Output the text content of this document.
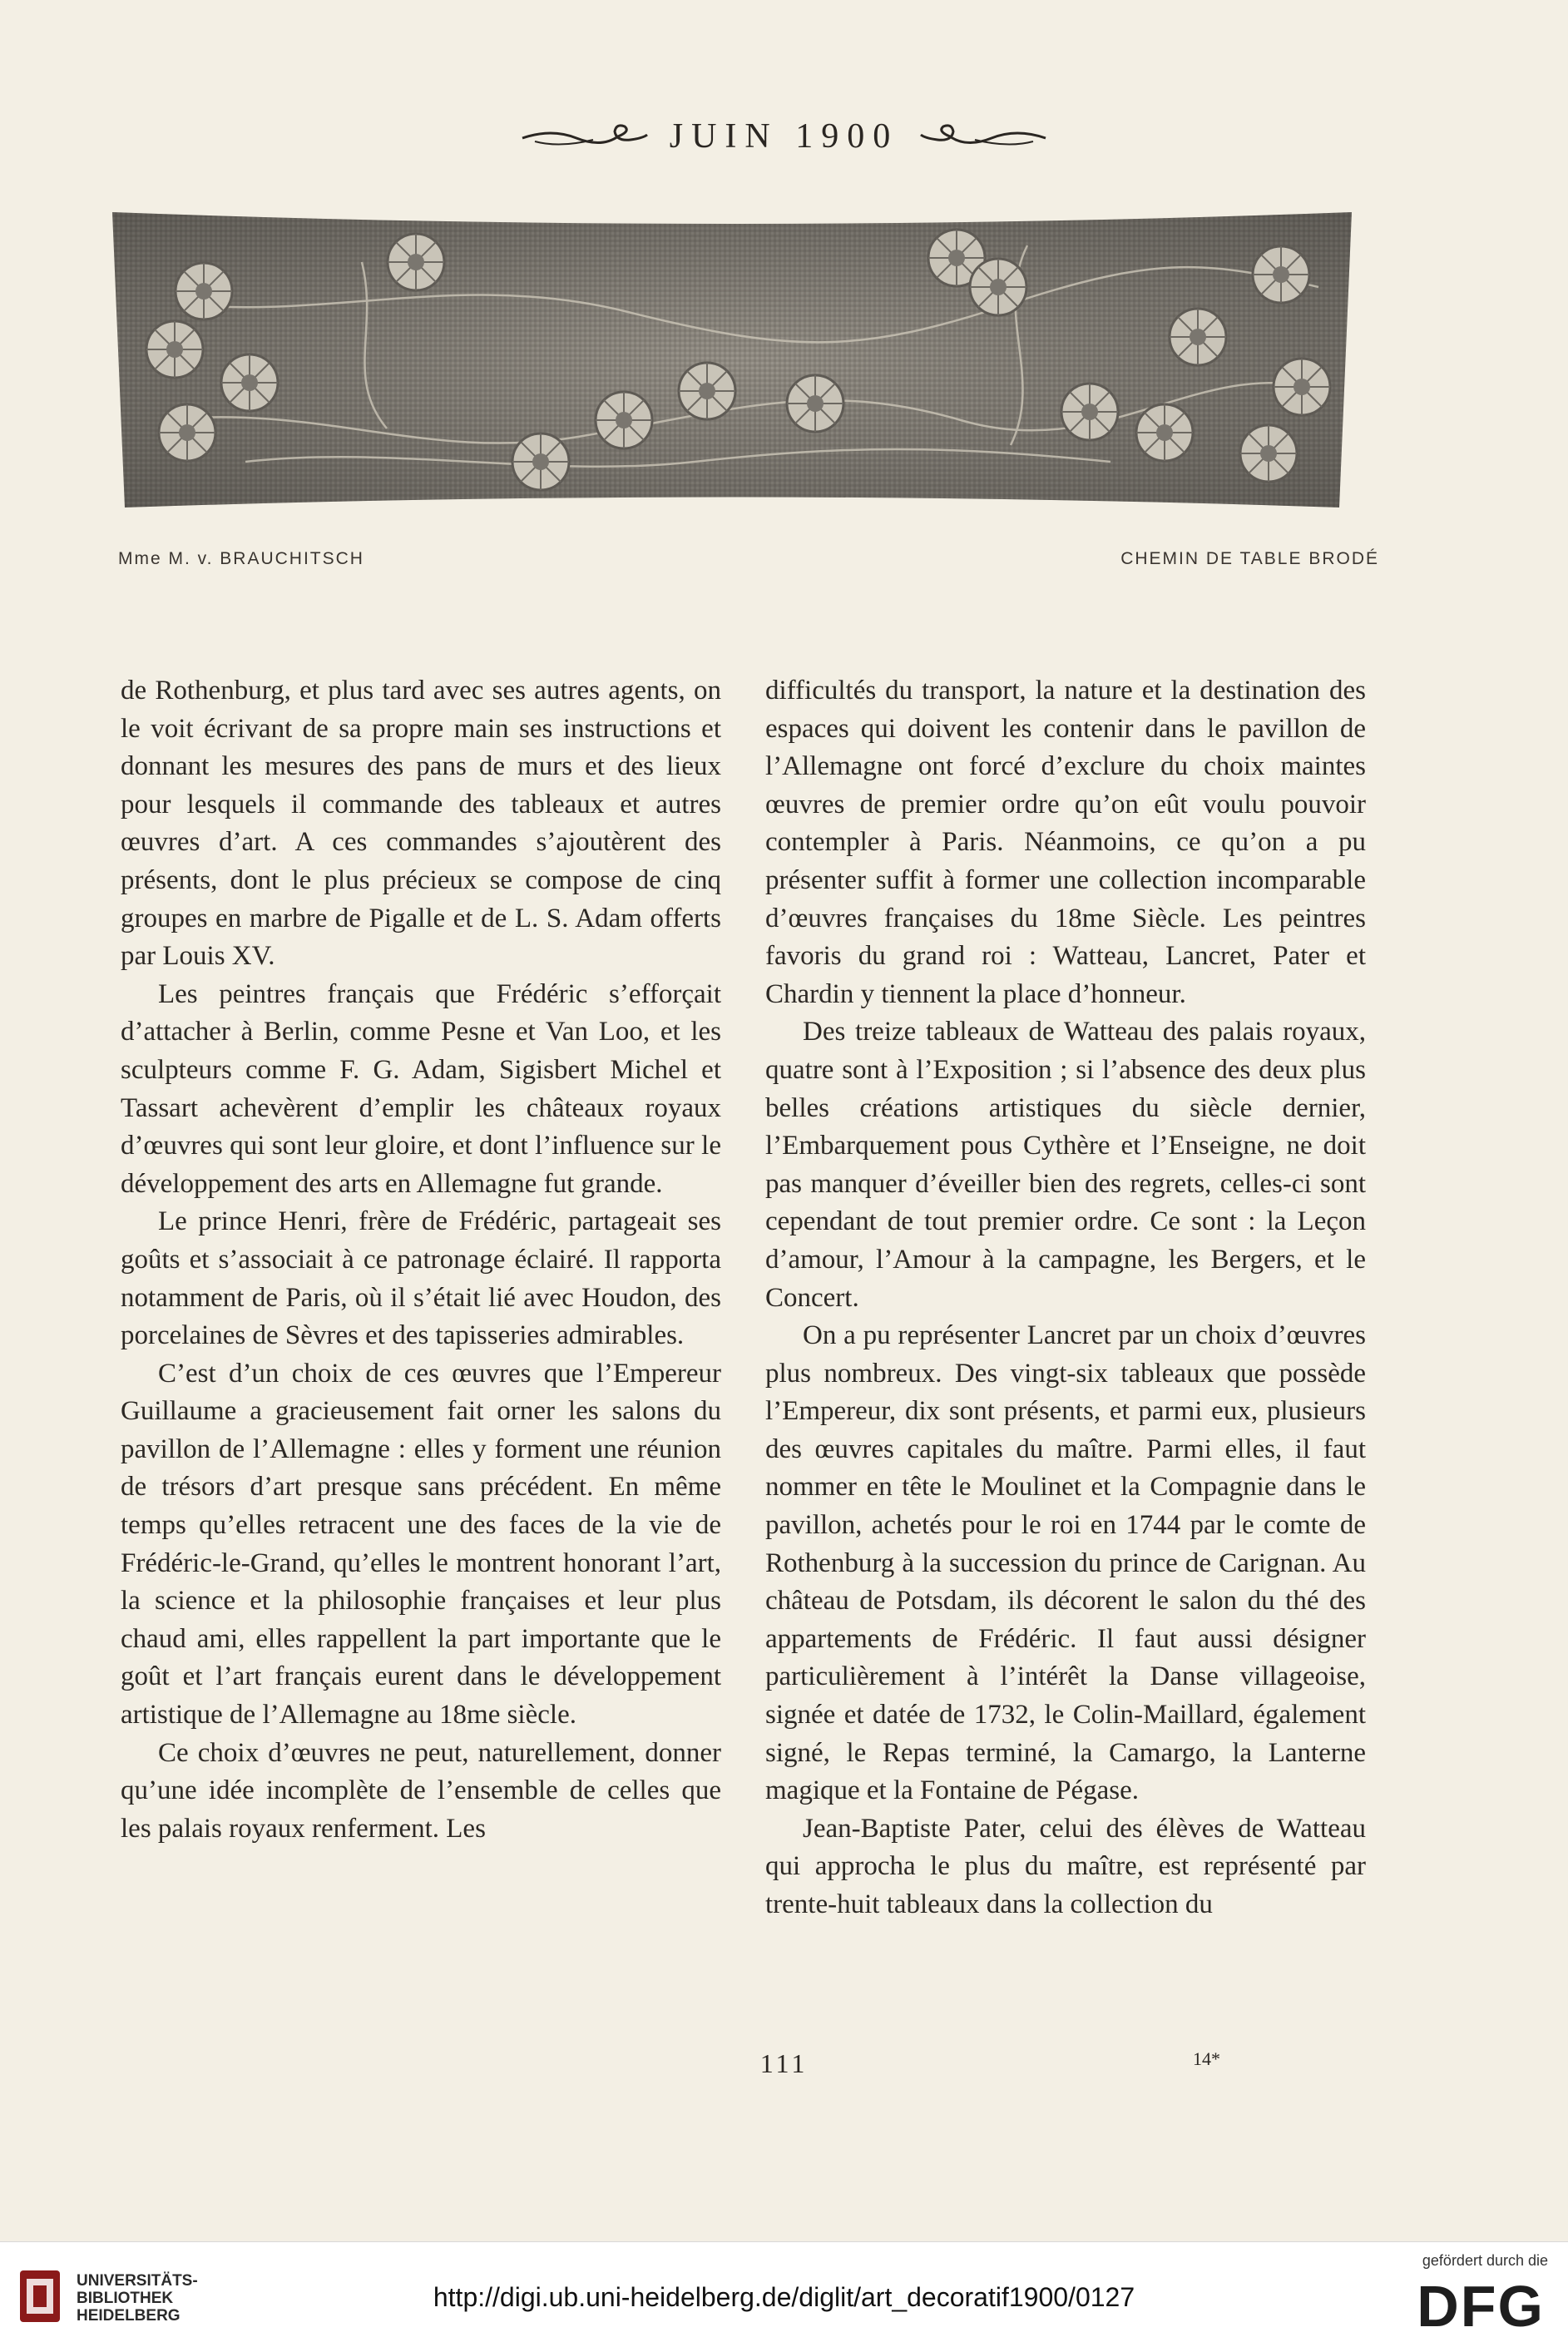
JUIN 1900
Mme M. v. BRAUCHITSCH	CHEMIN DE TABLE BRODÉ

de Rothenburg, et plus tard avec ses autres agents, on le voit écrivant de sa propre main ses instructions et donnant les mesures des pans de murs et des lieux pour lesquels il commande des tableaux et autres œuvres d’art. A ces commandes s’ajoutèrent des présents, dont le plus précieux se compose de cinq groupes en marbre de Pigalle et de L. S. Adam offerts par Louis XV.

Les peintres français que Frédéric s’efforçait d’attacher à Berlin, comme Pesne et Van Loo, et les sculpteurs comme F. G. Adam, Sigisbert Michel et Tassart achevèrent d’emplir les châteaux royaux d’œuvres qui sont leur gloire, et dont l’influence sur le développement des arts en Allemagne fut grande.

Le prince Henri, frère de Frédéric, partageait ses goûts et s’associait à ce patronage éclairé. Il rapporta notamment de Paris, où il s’était lié avec Houdon, des porcelaines de Sèvres et des tapisseries admirables.

C’est d’un choix de ces œuvres que l’Empereur Guillaume a gracieusement fait orner les salons du pavillon de l’Allemagne : elles y forment une réunion de trésors d’art presque sans précédent. En même temps qu’elles retracent une des faces de la vie de Frédéric-le-Grand, qu’elles le montrent honorant l’art, la science et la philosophie françaises et leur plus chaud ami, elles rappellent la part importante que le goût et l’art français eurent dans le développement artistique de l’Allemagne au 18me siècle.

Ce choix d’œuvres ne peut, naturellement, donner qu’une idée incomplète de l’ensemble de celles que les palais royaux renferment. Les

difficultés du transport, la nature et la destination des espaces qui doivent les contenir dans le pavillon de l’Allemagne ont forcé d’exclure du choix maintes œuvres de premier ordre qu’on eût voulu pouvoir contempler à Paris. Néanmoins, ce qu’on a pu présenter suffit à former une collection incomparable d’œuvres françaises du 18me Siècle. Les peintres favoris du grand roi : Watteau, Lancret, Pater et Chardin y tiennent la place d’honneur.

Des treize tableaux de Watteau des palais royaux, quatre sont à l’Exposition ; si l’absence des deux plus belles créations artistiques du siècle dernier, l’Embarquement pous Cythère et l’Enseigne, ne doit pas manquer d’éveiller bien des regrets, celles-ci sont cependant de tout premier ordre. Ce sont : la Leçon d’amour, l’Amour à la campagne, les Bergers, et le Concert.

On a pu représenter Lancret par un choix d’œuvres plus nombreux. Des vingt-six tableaux que possède l’Empereur, dix sont présents, et parmi eux, plusieurs des œuvres capitales du maître. Parmi elles, il faut nommer en tête le Moulinet et la Compagnie dans le pavillon, achetés pour le roi en 1744 par le comte de Rothenburg à la succession du prince de Carignan. Au château de Potsdam, ils décorent le salon du thé des appartements de Frédéric. Il faut aussi désigner particulièrement à l’intérêt la Danse villageoise, signée et datée de 1732, le Colin-Maillard, également signé, le Repas terminé, la Camargo, la Lanterne magique et la Fontaine de Pégase.

Jean-Baptiste Pater, celui des élèves de Watteau qui approcha le plus du maître, est représenté par trente-huit tableaux dans la collection du

111	14*
UNIVERSITÄTS-
BIBLIOTHEK
HEIDELBERG
http://digi.ub.uni-heidelberg.de/diglit/art_decoratif1900/0127
gefördert durch die
DFG
